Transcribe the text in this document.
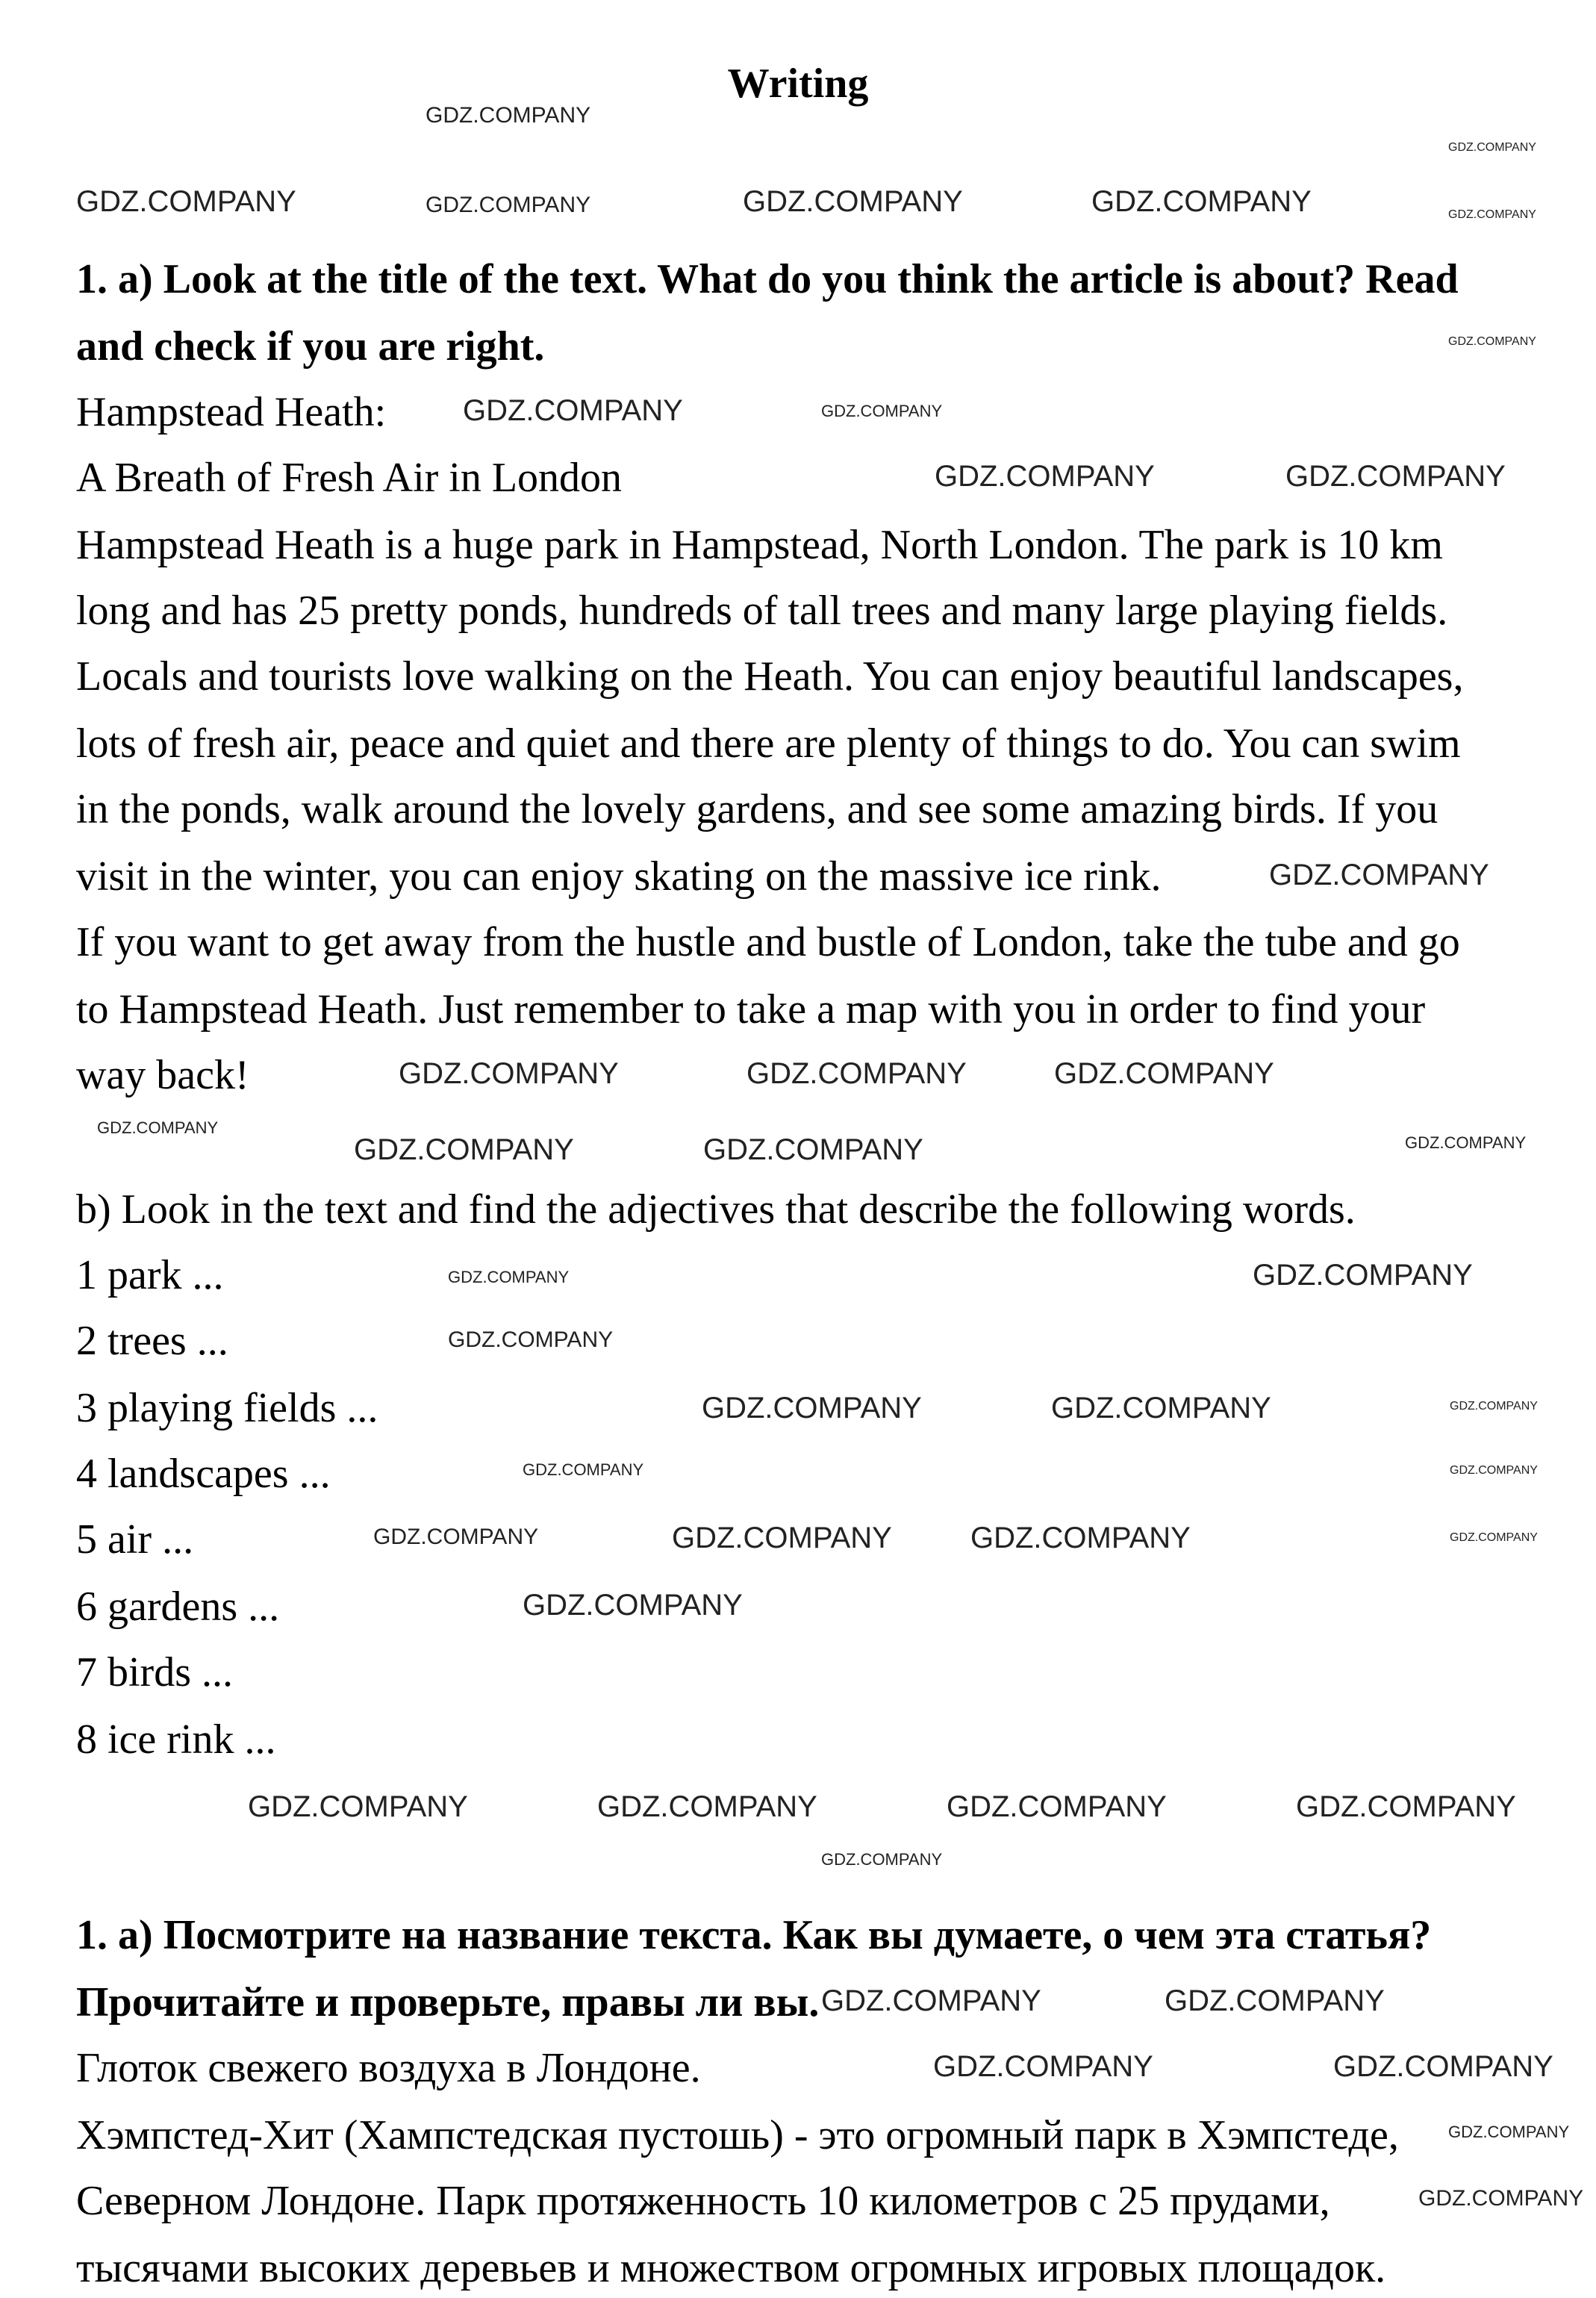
Writing
1. a) Look at the title of the text. What do you think the article is about? Read
and check if you are right.
Hampstead Heath:
A Breath of Fresh Air in London
Hampstead Heath is a huge park in Hampstead, North London. The park is 10 km
long and has 25 pretty ponds, hundreds of tall trees and many large playing fields.
Locals and tourists love walking on the Heath. You can enjoy beautiful landscapes,
lots of fresh air, peace and quiet and there are plenty of things to do. You can swim
in the ponds, walk around the lovely gardens, and see some amazing birds. If you
visit in the winter, you can enjoy skating on the massive ice rink.
If you want to get away from the hustle and bustle of London, take the tube and go
to Hampstead Heath. Just remember to take a map with you in order to find your
way back!
b) Look in the text and find the adjectives that describe the following words.
1 park ...
2 trees ...
3 playing fields ...
4 landscapes ...
5 air ...
6 gardens ...
7 birds ...
8 ice rink ...
1. а) Посмотрите на название текста. Как вы думаете, о чем эта статья?
Прочитайте и проверьте, правы ли вы.
Глоток свежего воздуха в Лондоне.
Хэмпстед-Хит (Хампстедская пустошь) - это огромный парк в Хэмпстеде,
Северном Лондоне. Парк протяженность 10 километров с 25 прудами,
тысячами высоких деревьев и множеством огромных игровых площадок.
GDZ.COMPANY
GDZ.COMPANY
GDZ.COMPANY	GDZ.COMPANY	GDZ.COMPANY	GDZ.COMPANY	GDZ.COMPANY
GDZ.COMPANY
GDZ.COMPANY	GDZ.COMPANY
GDZ.COMPANY	GDZ.COMPANY
GDZ.COMPANY
GDZ.COMPANY	GDZ.COMPANY	GDZ.COMPANY
GDZ.COMPANY
GDZ.COMPANY	GDZ.COMPANY	GDZ.COMPANY
GDZ.COMPANY
GDZ.COMPANY
GDZ.COMPANY
GDZ.COMPANY	GDZ.COMPANY	GDZ.COMPANY
GDZ.COMPANY	GDZ.COMPANY
GDZ.COMPANY	GDZ.COMPANY	GDZ.COMPANY	GDZ.COMPANY
GDZ.COMPANY
GDZ.COMPANY	GDZ.COMPANY	GDZ.COMPANY	GDZ.COMPANY
GDZ.COMPANY
GDZ.COMPANY	GDZ.COMPANY
GDZ.COMPANY
GDZ.COMPANY
GDZ.COMPANY
GDZ.COMPANY
